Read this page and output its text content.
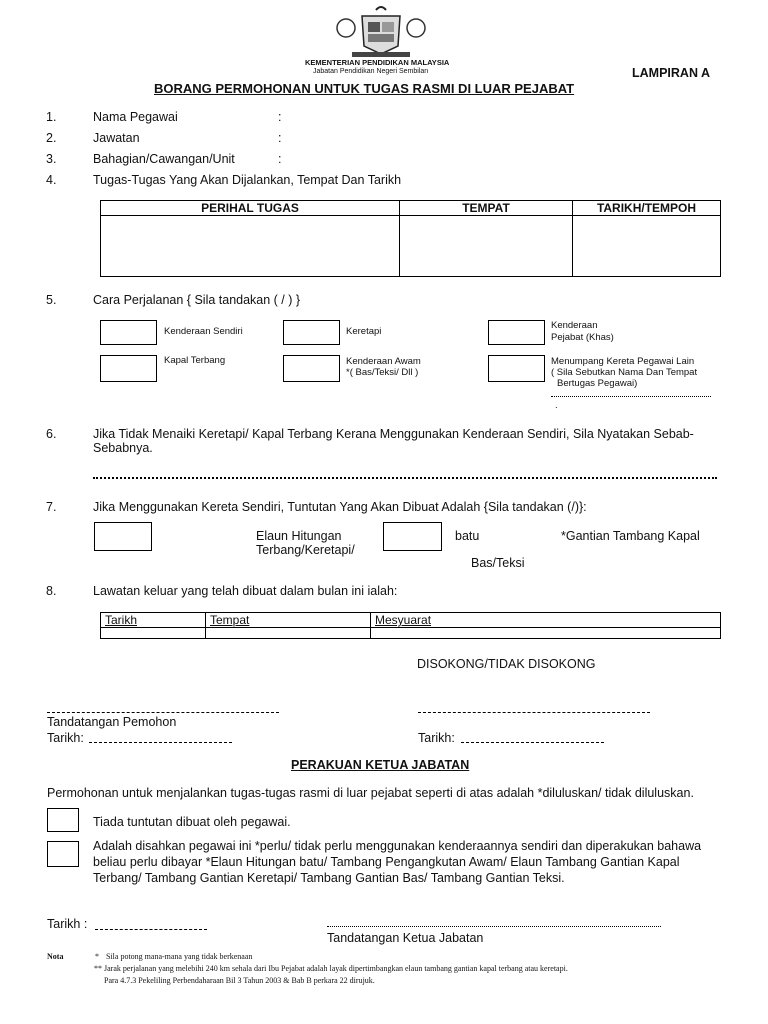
KEMENTERIAN PENDIDIKAN MALAYSIA
Jabatan Pendidikan Negeri Sembilan	LAMPIRAN A
BORANG PERMOHONAN UNTUK TUGAS RASMI DI LUAR PEJABAT
1.	Nama Pegawai	:
2.	Jawatan	:
3.	Bahagian/Cawangan/Unit	:
4.	Tugas-Tugas Yang Akan Dijalankan, Tempat Dan Tarikh
PERIHAL TUGAS	TEMPAT	TARIKH/TEMPOH

5.	Cara Perjalanan { Sila tandakan ( / ) }
Kenderaan Sendiri	Keretapi
Kenderaan
Pejabat (Khas)
Kapal Terbang	Kenderaan Awam
*( Bas/Teksi/ Dll )
Menumpang Kereta Pegawai Lain
( Sila Sebutkan Nama Dan Tempat
Bertugas Pegawai)
.
6.	Jika Tidak Menaiki Keretapi/ Kapal Terbang Kerana Menggunakan Kenderaan Sendiri, Sila Nyatakan Sebab-
Sebabnya.
7.	Jika Menggunakan Kereta Sendiri, Tuntutan Yang Akan Dibuat Adalah {Sila tandakan (/)}:
Elaun Hitungan
Terbang/Keretapi/
batu	*Gantian Tambang Kapal
Bas/Teksi
8.	Lawatan keluar yang telah dibuat dalam bulan ini ialah:
Tarikh	Tempat	Mesyuarat

DISOKONG/TIDAK DISOKONG
Tandatangan Pemohon
Tarikh:	Tarikh:
PERAKUAN KETUA JABATAN
Permohonan untuk menjalankan tugas-tugas rasmi di luar pejabat seperti di atas adalah *diluluskan/ tidak diluluskan.
Tiada tuntutan dibuat oleh pegawai.
Adalah disahkan pegawai ini *perlu/ tidak perlu menggunakan kenderaannya sendiri dan diperakukan bahawa
beliau perlu dibayar *Elaun Hitungan batu/ Tambang Pengangkutan Awam/ Elaun Tambang Gantian Kapal
Terbang/ Tambang Gantian Keretapi/ Tambang Gantian Bas/ Tambang Gantian Teksi.
Tarikh :
Tandatangan Ketua Jabatan
Nota	* Sila potong mana-mana yang tidak berkenaan
** Jarak perjalanan yang melebihi 240 km sehala dari Ibu Pejabat adalah layak dipertimbangkan elaun tambang gantian kapal terbang atau keretapi.
Para 4.7.3 Pekeliling Perbendaharaan Bil 3 Tahun 2003 & Bab B perkara 22 dirujuk.
